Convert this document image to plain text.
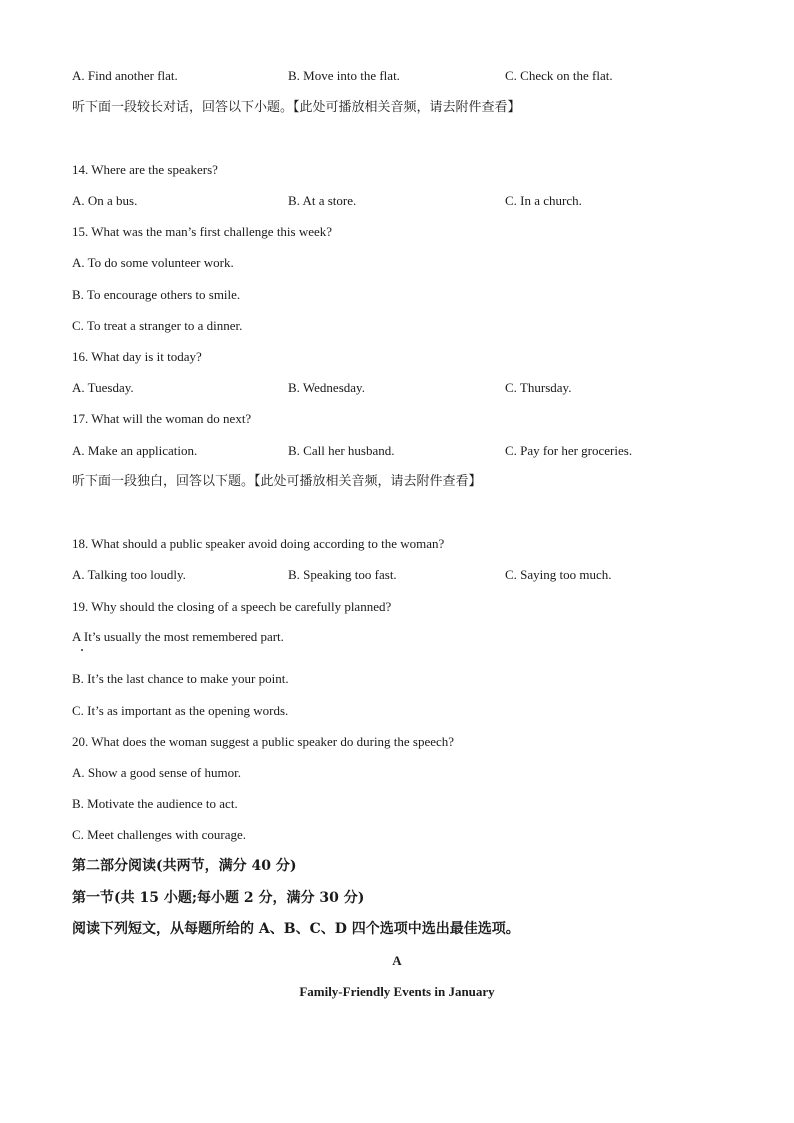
A. Find another flat.	B. Move into the flat.	C. Check on the flat.
听下面一段较长对话，回答以下小题。【此处可播放相关音频，请去附件查看】
14. Where are the speakers?
A. On a bus.	B. At a store.	C. In a church.
15. What was the man’s first challenge this week?
A. To do some volunteer work.
B. To encourage others to smile.
C. To treat a stranger to a dinner.
16. What day is it today?
A. Tuesday.	B. Wednesday.	C. Thursday.
17. What will the woman do next?
A. Make an application.	B. Call her husband.	C. Pay for her groceries.
听下面一段独白，回答以下题。【此处可播放相关音频，请去附件查看】
18. What should a public speaker avoid doing according to the woman?
A. Talking too loudly.	B. Speaking too fast.	C. Saying too much.
19. Why should the closing of a speech be carefully planned?
A It’s usually the most remembered part.
B. It’s the last chance to make your point.
C. It’s as important as the opening words.
20. What does the woman suggest a public speaker do during the speech?
A. Show a good sense of humor.
B. Motivate the audience to act.
C. Meet challenges with courage.
第二部分阅读(共两节，满分 40 分)
第一节(共 15 小题;每小题 2 分，满分 30 分)
阅读下列短文，从每题所给的 A、B、C、D 四个选项中选出最佳选项。
A
Family-Friendly Events in January
